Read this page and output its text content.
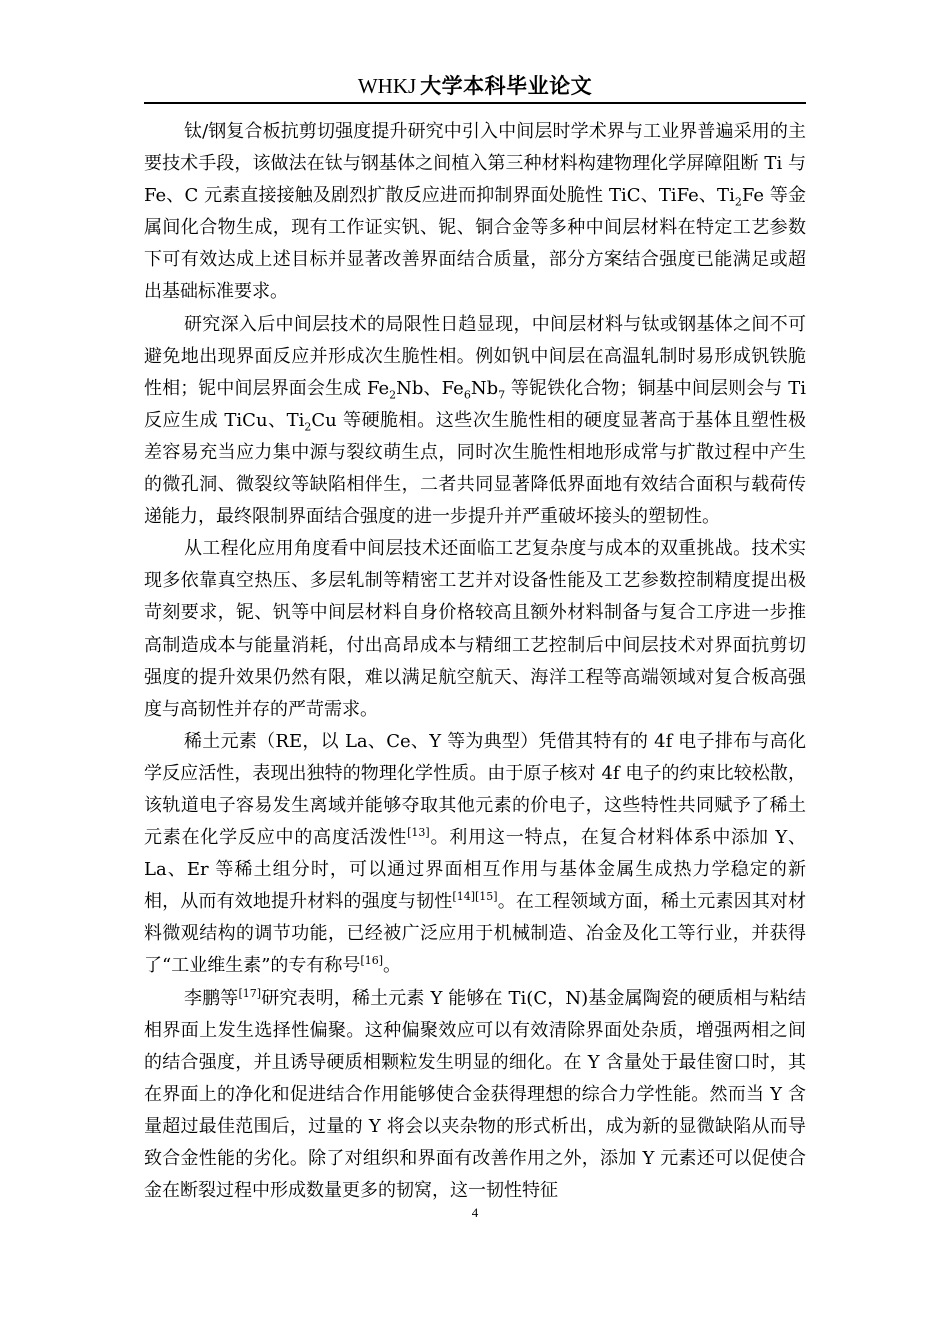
WHKJ 大学本科毕业论文

钛/钢复合板抗剪切强度提升研究中引入中间层时学术界与工业界普遍采用的主要技术手段，该做法在钛与钢基体之间植入第三种材料构建物理化学屏障阻断 Ti 与 Fe、C 元素直接接触及剧烈扩散反应进而抑制界面处脆性 TiC、TiFe、$Ti_2Fe$ 等金属间化合物生成，现有工作证实钒、铌、铜合金等多种中间层材料在特定工艺参数下可有效达成上述目标并显著改善界面结合质量，部分方案结合强度已能满足或超出基础标准要求。

研究深入后中间层技术的局限性日趋显现，中间层材料与钛或钢基体之间不可避免地出现界面反应并形成次生脆性相。例如钒中间层在高温轧制时易形成钒铁脆性相；铌中间层界面会生成 $Fe_2Nb$、$Fe_6Nb_7$ 等铌铁化合物；铜基中间层则会与 Ti 反应生成 TiCu、$Ti_2Cu$ 等硬脆相。这些次生脆性相的硬度显著高于基体且塑性极差容易充当应力集中源与裂纹萌生点，同时次生脆性相地形成常与扩散过程中产生的微孔洞、微裂纹等缺陷相伴生，二者共同显著降低界面地有效结合面积与载荷传递能力，最终限制界面结合强度的进一步提升并严重破坏接头的塑韧性。

从工程化应用角度看中间层技术还面临工艺复杂度与成本的双重挑战。技术实现多依靠真空热压、多层轧制等精密工艺并对设备性能及工艺参数控制精度提出极苛刻要求，铌、钒等中间层材料自身价格较高且额外材料制备与复合工序进一步推高制造成本与能量消耗，付出高昂成本与精细工艺控制后中间层技术对界面抗剪切强度的提升效果仍然有限，难以满足航空航天、海洋工程等高端领域对复合板高强度与高韧性并存的严苛需求。

稀土元素（RE，以 La、Ce、Y 等为典型）凭借其特有的 4f 电子排布与高化学反应活性，表现出独特的物理化学性质。由于原子核对 4f 电子的约束比较松散，该轨道电子容易发生离域并能够夺取其他元素的价电子，这些特性共同赋予了稀土元素在化学反应中的高度活泼性[13]。利用这一特点，在复合材料体系中添加 Y、La、Er 等稀土组分时，可以通过界面相互作用与基体金属生成热力学稳定的新相，从而有效地提升材料的强度与韧性[14][15]。在工程领域方面，稀土元素因其对材料微观结构的调节功能，已经被广泛应用于机械制造、冶金及化工等行业，并获得了“工业维生素”的专有称号[16]。

李鹏等[17]研究表明，稀土元素 Y 能够在 Ti(C，N)基金属陶瓷的硬质相与粘结相界面上发生选择性偏聚。这种偏聚效应可以有效清除界面处杂质，增强两相之间的结合强度，并且诱导硬质相颗粒发生明显的细化。在 Y 含量处于最佳窗口时，其在界面上的净化和促进结合作用能够使合金获得理想的综合力学性能。然而当 Y 含量超过最佳范围后，过量的 Y 将会以夹杂物的形式析出，成为新的显微缺陷从而导致合金性能的劣化。除了对组织和界面有改善作用之外，添加 Y 元素还可以促使合金在断裂过程中形成数量更多的韧窝，这一韧性特征

4
